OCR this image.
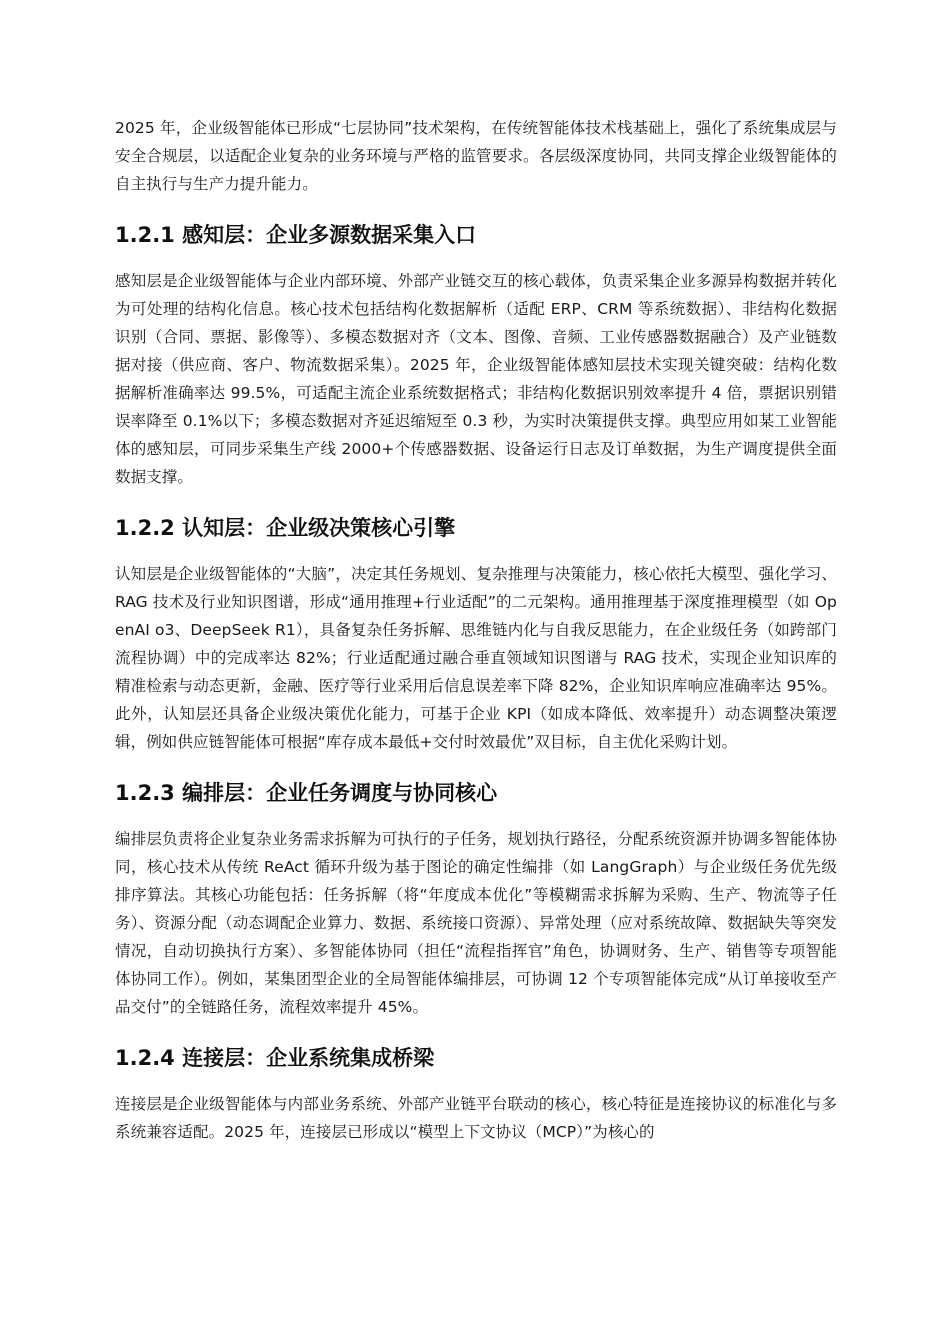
2025 年，企业级智能体已形成“七层协同”技术架构，在传统智能体技术栈基础上，强化了系统集成层与安全合规层，以适配企业复杂的业务环境与严格的监管要求。各层级深度协同，共同支撑企业级智能体的自主执行与生产力提升能力。

1.2.1 感知层：企业多源数据采集入口

感知层是企业级智能体与企业内部环境、外部产业链交互的核心载体，负责采集企业多源异构数据并转化为可处理的结构化信息。核心技术包括结构化数据解析（适配 ERP、CRM 等系统数据）、非结构化数据识别（合同、票据、影像等）、多模态数据对齐（文本、图像、音频、工业传感器数据融合）及产业链数据对接（供应商、客户、物流数据采集）。2025 年，企业级智能体感知层技术实现关键突破：结构化数据解析准确率达 99.5%，可适配主流企业系统数据格式；非结构化数据识别效率提升 4 倍，票据识别错误率降至 0.1%以下；多模态数据对齐延迟缩短至 0.3 秒，为实时决策提供支撑。典型应用如某工业智能体的感知层，可同步采集生产线 2000+个传感器数据、设备运行日志及订单数据，为生产调度提供全面数据支撑。

1.2.2 认知层：企业级决策核心引擎

认知层是企业级智能体的“大脑”，决定其任务规划、复杂推理与决策能力，核心依托大模型、强化学习、RAG 技术及行业知识图谱，形成“通用推理+行业适配”的二元架构。通用推理基于深度推理模型（如 OpenAI o3、DeepSeek R1），具备复杂任务拆解、思维链内化与自我反思能力，在企业级任务（如跨部门流程协调）中的完成率达 82%；行业适配通过融合垂直领域知识图谱与 RAG 技术，实现企业知识库的精准检索与动态更新，金融、医疗等行业采用后信息误差率下降 82%，企业知识库响应准确率达 95%。此外，认知层还具备企业级决策优化能力，可基于企业 KPI（如成本降低、效率提升）动态调整决策逻辑，例如供应链智能体可根据“库存成本最低+交付时效最优”双目标，自主优化采购计划。

1.2.3 编排层：企业任务调度与协同核心

编排层负责将企业复杂业务需求拆解为可执行的子任务，规划执行路径，分配系统资源并协调多智能体协同，核心技术从传统 ReAct 循环升级为基于图论的确定性编排（如 LangGraph）与企业级任务优先级排序算法。其核心功能包括：任务拆解（将“年度成本优化”等模糊需求拆解为采购、生产、物流等子任务）、资源分配（动态调配企业算力、数据、系统接口资源）、异常处理（应对系统故障、数据缺失等突发情况，自动切换执行方案）、多智能体协同（担任“流程指挥官”角色，协调财务、生产、销售等专项智能体协同工作）。例如，某集团型企业的全局智能体编排层，可协调 12 个专项智能体完成“从订单接收至产品交付”的全链路任务，流程效率提升 45%。

1.2.4 连接层：企业系统集成桥梁

连接层是企业级智能体与内部业务系统、外部产业链平台联动的核心，核心特征是连接协议的标准化与多系统兼容适配。2025 年，连接层已形成以“模型上下文协议（MCP）”为核心的
